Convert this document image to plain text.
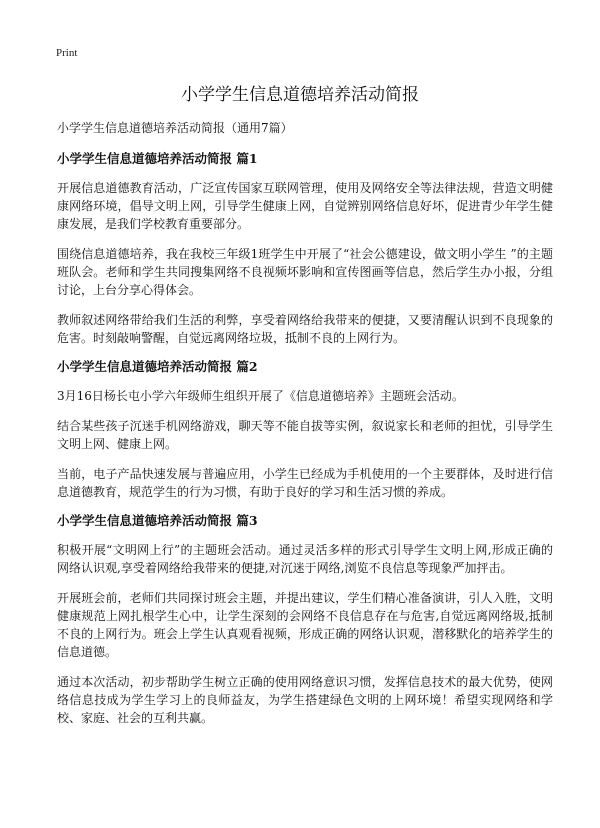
Print
小学学生信息道德培养活动简报

小学学生信息道德培养活动简报（通用7篇）

小学学生信息道德培养活动简报 篇1

开展信息道德教育活动，广泛宣传国家互联网管理，使用及网络安全等法律法规，营造文明健康网络环境，倡导文明上网，引导学生健康上网，自觉辨别网络信息好坏，促进青少年学生健康发展，是我们学校教育重要部分。

围绕信息道德培养，我在我校三年级1班学生中开展了“社会公德建设，做文明小学生 ”的主题班队会。老师和学生共同搜集网络不良视频坏影响和宣传图画等信息，然后学生办小报，分组讨论，上台分享心得体会。

教师叙述网络带给我们生活的利弊，享受着网络给我带来的便捷，又要清醒认识到不良现象的危害。时刻敲响警醒，自觉远离网络垃圾，抵制不良的上网行为。

小学学生信息道德培养活动简报 篇2

3月16日杨长屯小学六年级师生组织开展了《信息道德培养》主题班会活动。

结合某些孩子沉迷手机网络游戏，聊天等不能自拔等实例，叙说家长和老师的担忧，引导学生文明上网、健康上网。

当前，电子产品快速发展与普遍应用，小学生已经成为手机使用的一个主要群体，及时进行信息道德教育，规范学生的行为习惯，有助于良好的学习和生活习惯的养成。

小学学生信息道德培养活动简报 篇3

积极开展“文明网上行”的主题班会活动。通过灵活多样的形式引导学生文明上网,形成正确的网络认识观,享受着网络给我带来的便捷,对沉迷于网络,浏览不良信息等现象严加抨击。

开展班会前，老师们共同探讨班会主题，并提出建议，学生们精心准备演讲，引人入胜，文明健康规范上网扎根学生心中，让学生深刻的会网络不良信息存在与危害,自觉远离网络圾,抵制不良的上网行为。班会上学生认真观看视频，形成正确的网络认识观，潜移默化的培养学生的信息道德。

通过本次活动，初步帮助学生树立正确的使用网络意识习惯，发挥信息技术的最大优势，使网络信息技成为学生学习上的良师益友，为学生搭建绿色文明的上网环境！希望实现网络和学校、家庭、社会的互利共赢。
